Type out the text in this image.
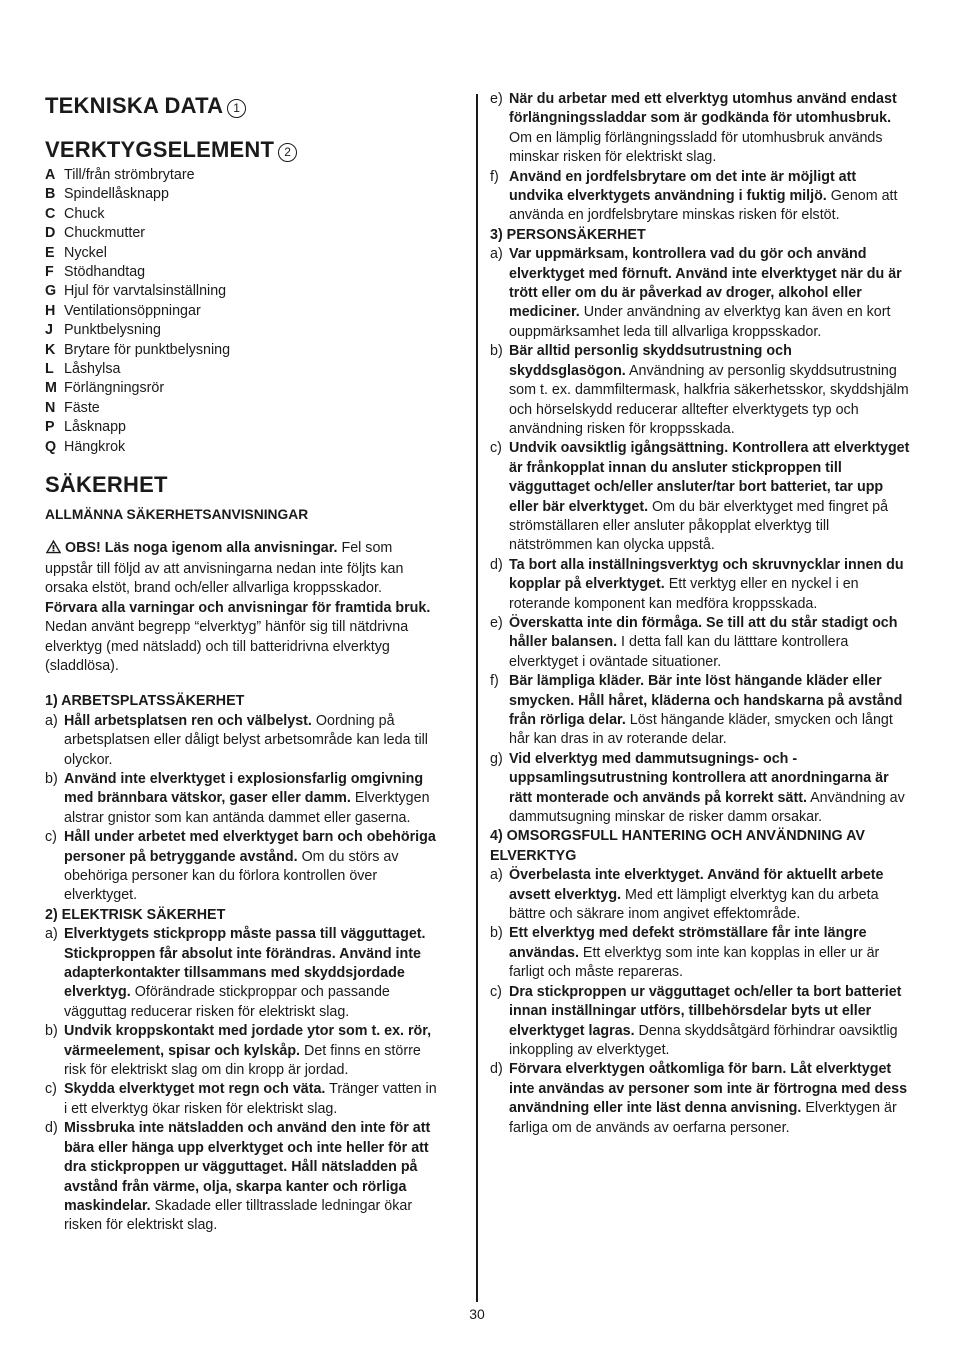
TEKNISKA DATA 1
VERKTYGSELEMENT 2
A Till/från strömbrytare
B Spindellåsknapp
C Chuck
D Chuckmutter
E Nyckel
F Stödhandtag
G Hjul för varvtalsinställning
H Ventilationsöppningar
J Punktbelysning
K Brytare för punktbelysning
L Låshylsa
M Förlängningsrör
N Fäste
P Låsknapp
Q Hängkrok
SÄKERHET

ALLMÄNNA SÄKERHETSANVISNINGAR

OBS! Läs noga igenom alla anvisningar. Fel som uppstår till följd av att anvisningarna nedan inte följts kan orsaka elstöt, brand och/eller allvarliga kroppsskador.

Förvara alla varningar och anvisningar för framtida bruk. Nedan använt begrepp “elverktyg” hänför sig till nätdrivna elverktyg (med nätsladd) och till batteridrivna elverktyg (sladdlösa).

1) ARBETSPLATSSÄKERHET

a) Håll arbetsplatsen ren och välbelyst. Oordning på arbetsplatsen eller dåligt belyst arbetsområde kan leda till olyckor.
b) Använd inte elverktyget i explosionsfarlig omgivning med brännbara vätskor, gaser eller damm. Elverktygen alstrar gnistor som kan antända dammet eller gaserna.
c) Håll under arbetet med elverktyget barn och obehöriga personer på betryggande avstånd. Om du störs av obehöriga personer kan du förlora kontrollen över elverktyget.

2) ELEKTRISK SÄKERHET

a) Elverktygets stickpropp måste passa till vägguttaget. Stickproppen får absolut inte förändras. Använd inte adapterkontakter tillsammans med skyddsjordade elverktyg. Oförändrade stickproppar och passande vägguttag reducerar risken för elektriskt slag.
b) Undvik kroppskontakt med jordade ytor som t. ex. rör, värmeelement, spisar och kylskåp. Det finns en större risk för elektriskt slag om din kropp är jordad.
c) Skydda elverktyget mot regn och väta. Tränger vatten in i ett elverktyg ökar risken för elektriskt slag.
d) Missbruka inte nätsladden och använd den inte för att bära eller hänga upp elverktyget och inte heller för att dra stickproppen ur vägguttaget. Håll nätsladden på avstånd från värme, olja, skarpa kanter och rörliga maskindelar. Skadade eller tilltrasslade ledningar ökar risken för elektriskt slag.
e) När du arbetar med ett elverktyg utomhus använd endast förlängningssladdar som är godkända för utomhusbruk. Om en lämplig förlängningssladd för utomhusbruk används minskar risken för elektriskt slag.
f) Använd en jordfelsbrytare om det inte är möjligt att undvika elverktygets användning i fuktig miljö. Genom att använda en jordfelsbrytare minskas risken för elstöt.

3) PERSONSÄKERHET

a) Var uppmärksam, kontrollera vad du gör och använd elverktyget med förnuft. Använd inte elverktyget när du är trött eller om du är påverkad av droger, alkohol eller mediciner. Under användning av elverktyg kan även en kort ouppmärksamhet leda till allvarliga kroppsskador.
b) Bär alltid personlig skyddsutrustning och skyddsglasögon. Användning av personlig skyddsutrustning som t. ex. dammfiltermask, halkfria säkerhetsskor, skyddshjälm och hörselskydd reducerar alltefter elverktygets typ och användning risken för kroppsskada.
c) Undvik oavsiktlig igångsättning. Kontrollera att elverktyget är frånkopplat innan du ansluter stickproppen till vägguttaget och/eller ansluter/tar bort batteriet, tar upp eller bär elverktyget. Om du bär elverktyget med fingret på strömställaren eller ansluter påkopplat elverktyg till nätströmmen kan olycka uppstå.
d) Ta bort alla inställningsverktyg och skruvnycklar innen du kopplar på elverktyget. Ett verktyg eller en nyckel i en roterande komponent kan medföra kroppsskada.
e) Överskatta inte din förmåga. Se till att du står stadigt och håller balansen. I detta fall kan du lätttare kontrollera elverktyget i oväntade situationer.
f) Bär lämpliga kläder. Bär inte löst hängande kläder eller smycken. Håll håret, kläderna och handskarna på avstånd från rörliga delar. Löst hängande kläder, smycken och långt hår kan dras in av roterande delar.
g) Vid elverktyg med dammutsugnings- och -uppsamlingsutrustning kontrollera att anordningarna är rätt monterade och används på korrekt sätt. Användning av dammutsugning minskar de risker damm orsakar.
4) OMSORGSFULL HANTERING OCH ANVÄNDNING AV ELVERKTYG
a) Överbelasta inte elverktyget. Använd för aktuellt arbete avsett elverktyg. Med ett lämpligt elverktyg kan du arbeta bättre och säkrare inom angivet effektområde.
b) Ett elverktyg med defekt strömställare får inte längre användas. Ett elverktyg som inte kan kopplas in eller ur är farligt och måste repareras.
c) Dra stickproppen ur vägguttaget och/eller ta bort batteriet innan inställningar utförs, tillbehörsdelar byts ut eller elverktyget lagras. Denna skyddsåtgärd förhindrar oavsiktlig inkoppling av elverktyget.
d) Förvara elverktygen oåtkomliga för barn. Låt elverktyget inte användas av personer som inte är förtrogna med dess användning eller inte läst denna anvisning. Elverktygen är farliga om de används av oerfarna personer.
30
